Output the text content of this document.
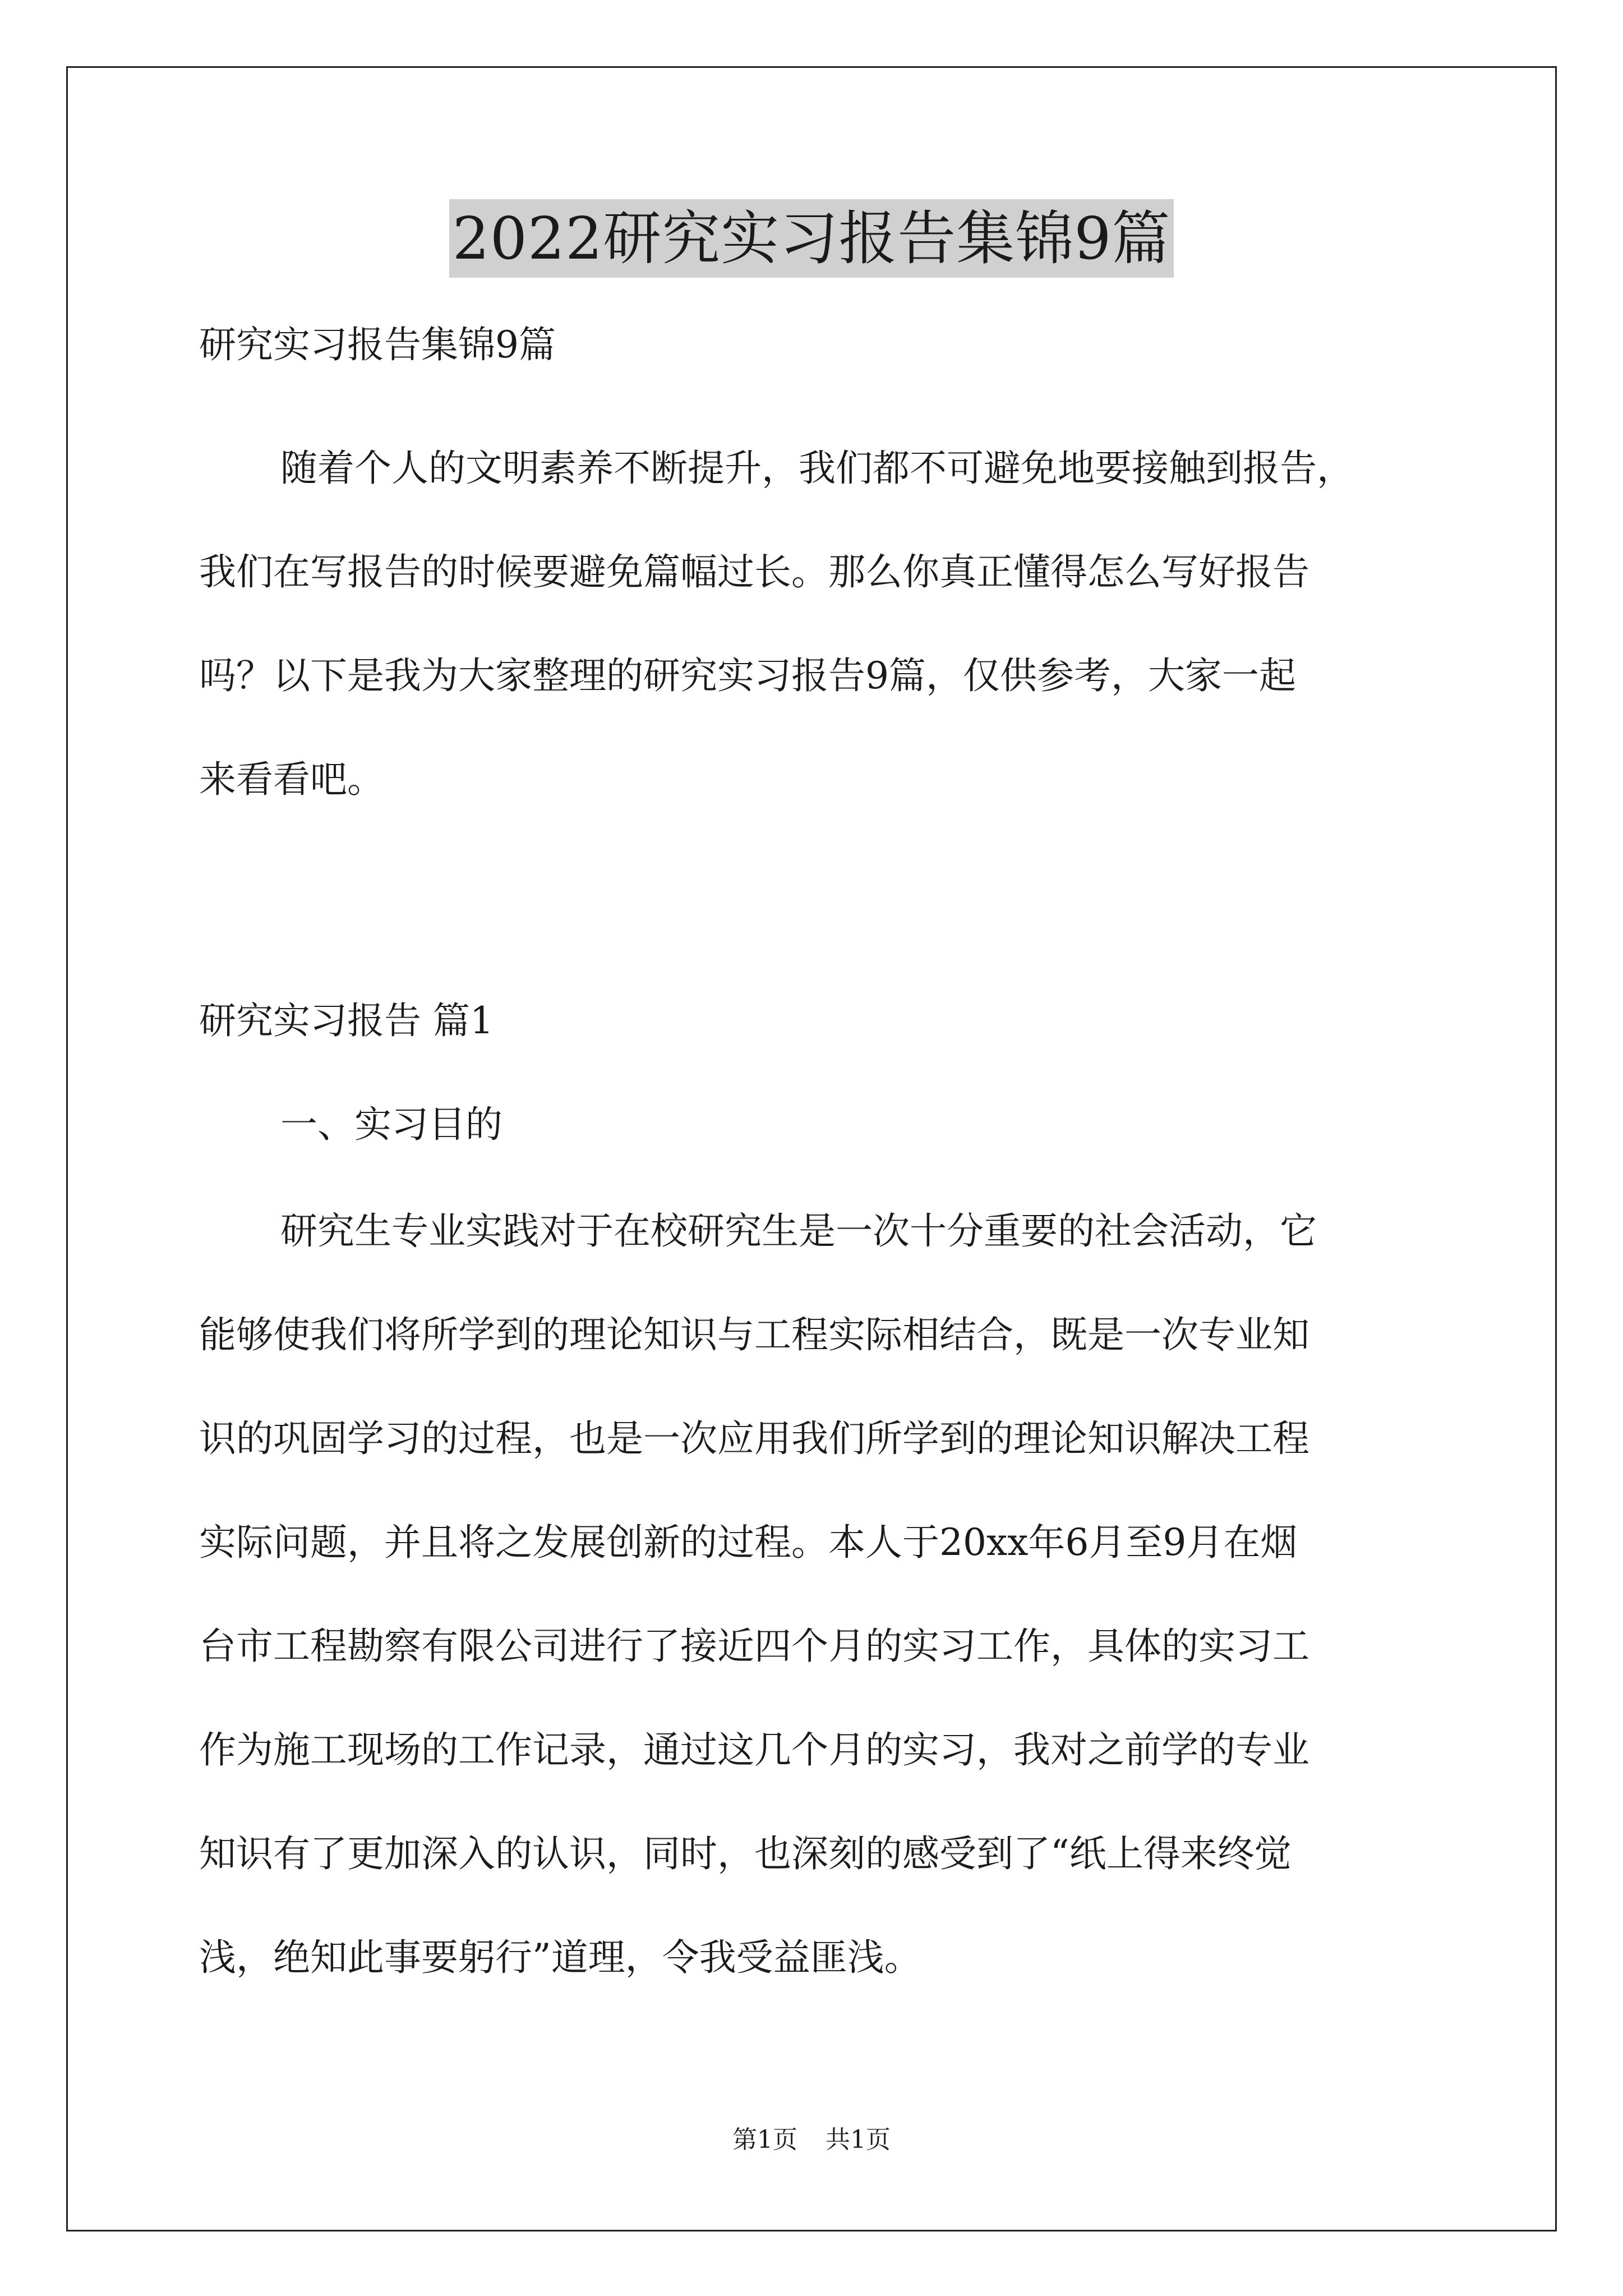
2022研究实习报告集锦9篇
研究实习报告集锦9篇
随着个人的文明素养不断提升，我们都不可避免地要接触到报告，
我们在写报告的时候要避免篇幅过长。那么你真正懂得怎么写好报告
吗？以下是我为大家整理的研究实习报告9篇，仅供参考，大家一起
来看看吧。
研究实习报告 篇1
一、实习目的
研究生专业实践对于在校研究生是一次十分重要的社会活动，它
能够使我们将所学到的理论知识与工程实际相结合，既是一次专业知
识的巩固学习的过程，也是一次应用我们所学到的理论知识解决工程
实际问题，并且将之发展创新的过程。本人于20xx年6月至9月在烟
台市工程勘察有限公司进行了接近四个月的实习工作，具体的实习工
作为施工现场的工作记录，通过这几个月的实习，我对之前学的专业
知识有了更加深入的认识，同时，也深刻的感受到了“纸上得来终觉
浅，绝知此事要躬行”道理，令我受益匪浅。
第1页 共1页
